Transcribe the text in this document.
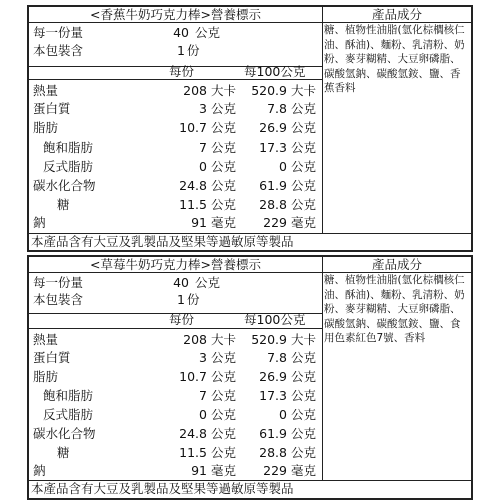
<香蕉牛奶巧克力棒>營養標示	產品成分
糖、植物性油脂(氫化棕櫚核仁油、酥油)、麵粉、乳清粉、奶粉、麥芽糊精、大豆卵磷脂、碳酸氫鈉、碳酸氫銨、鹽、香蕉香料
每一份量	40 公克
本包裝含	1 份
每份	每100公克
熱量	208 大卡	520.9 大卡
蛋白質	3 公克	7.8 公克
脂肪	10.7 公克	26.9 公克
飽和脂肪	7 公克	17.3 公克
反式脂肪	0 公克	0 公克
碳水化合物	24.8 公克	61.9 公克
糖	11.5 公克	28.8 公克
鈉	91 毫克	229 毫克
本產品含有大豆及乳製品及堅果等過敏原等製品
<草莓牛奶巧克力棒>營養標示	產品成分
糖、植物性油脂(氫化棕櫚核仁油、酥油)、麵粉、乳清粉、奶粉、麥芽糊精、大豆卵磷脂、碳酸氫鈉、碳酸氫銨、鹽、食用色素紅色7號、香料
每一份量	40 公克
本包裝含	1 份
每份	每100公克
熱量	208 大卡	520.9 大卡
蛋白質	3 公克	7.8 公克
脂肪	10.7 公克	26.9 公克
飽和脂肪	7 公克	17.3 公克
反式脂肪	0 公克	0 公克
碳水化合物	24.8 公克	61.9 公克
糖	11.5 公克	28.8 公克
鈉	91 毫克	229 毫克
本產品含有大豆及乳製品及堅果等過敏原等製品
